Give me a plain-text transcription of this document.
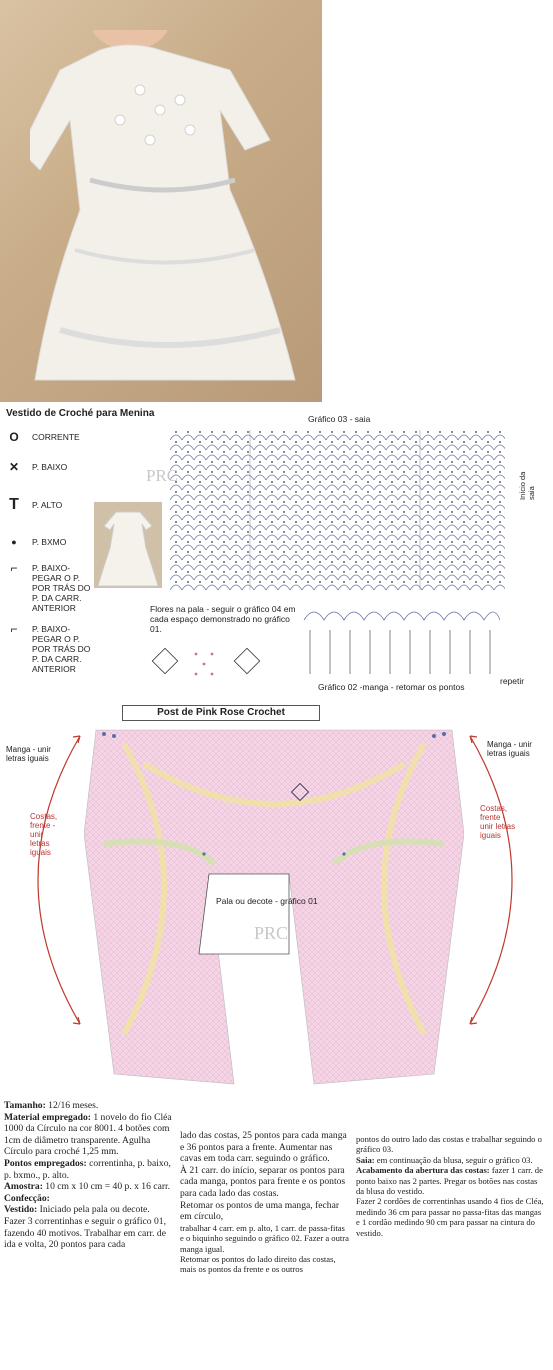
Vestido de Croché para Menina
O	CORRENTE
✕	P. BAIXO
T	P. ALTO
●	P. BXMO
⌐	P. BAIXO-
PEGAR O P.
POR TRÁS DO
P. DA CARR.
ANTERIOR
⌐	P. BAIXO-
PEGAR O P.
POR TRÁS DO
P. DA CARR.
ANTERIOR
Gráfico 03 - saia
Início da saia
PRC
Flores na pala - seguir o gráfico 04 em cada espaço demonstrado no gráfico 01.
Gráfico 02 -manga - retomar os pontos
repetir
Post de Pink Rose Crochet
PRC
Pala ou decote - gráfico 01
Manga - unir letras iguais
Costas, frente - unir letras iguais
Manga - unir letras iguais
Costas, frente - unir letras iguais

Tamanho: 12/16 meses.

Material empregado: 1 novelo do fio Cléa 1000 da Círculo na cor 8001. 4 botões com 1cm de diâmetro transparente. Agulha Círculo para croché 1,25 mm.

Pontos empregados: correntinha, p. baixo, p. bxmo., p. alto.

Amostra: 10 cm x 10 cm = 40 p. x 16 carr.

Confecção:

Vestido: Iniciado pela pala ou decote. Fazer 3 correntinhas e seguir o gráfico 01, fazendo 40 motivos. Trabalhar em carr. de ida e volta, 20 pontos para cada

lado das costas, 25 pontos para cada manga e 36 pontos para a frente. Aumentar nas cavas em toda carr. seguindo o gráfico.

À 21 carr. do início, separar os pontos para cada manga, pontos para frente e os pontos para cada lado das costas.

Retomar os pontos de uma manga, fechar em círculo,

trabalhar 4 carr. em p. alto, 1 carr. de passa-fitas e o biquinho seguindo o gráfico 02. Fazer a outra manga igual.

Retomar os pontos do lado direito das costas, mais os pontos da frente e os outros

pontos do outro lado das costas e trabalhar seguindo o gráfico 03.

Saia: em continuação da blusa, seguir o gráfico 03.

Acabamento da abertura das costas: fazer 1 carr. de ponto baixo nas 2 partes. Pregar os botões nas costas da blusa do vestido.

Fazer 2 cordões de correntinhas usando 4 fios de Cléa, medindo 36 cm para passar no passa-fitas das mangas e 1 cordão medindo 90 cm para passar na cintura do vestido.
